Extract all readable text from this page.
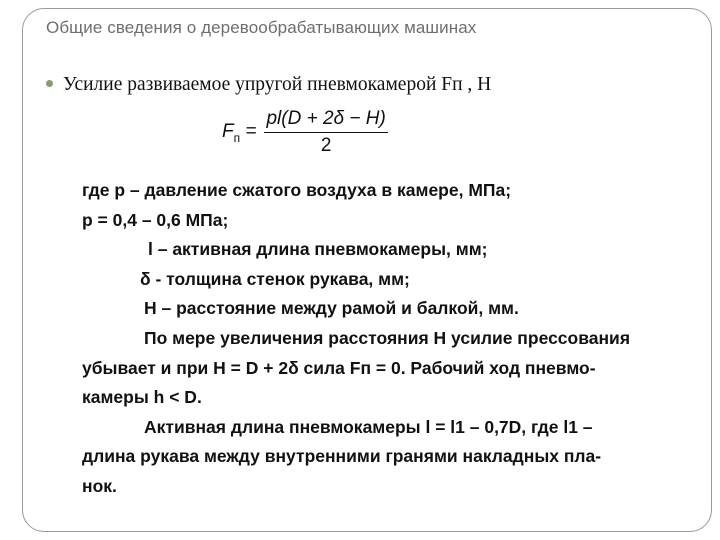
Общие сведения о деревообрабатывающих машинах
Усилие развиваемое упругой пневмокамерой Fп , Н
$F_п = \frac{pl(D + 2\delta - H)}{2}$
где p – давление сжатого воздуха в камере, МПа;
p = 0,4 – 0,6 МПа;
l – активная длина пневмокамеры, мм;
δ - толщина стенок рукава, мм;
H – расстояние между рамой и балкой, мм.
По мере увеличения расстояния H усилие прессования
убывает и при H = D + 2δ сила Fп = 0. Рабочий ход пневмо-
камеры h < D.
Активная длина пневмокамеры l = l1 – 0,7D, где l1 –
длина рукава между внутренними гранями накладных пла-
нок.
